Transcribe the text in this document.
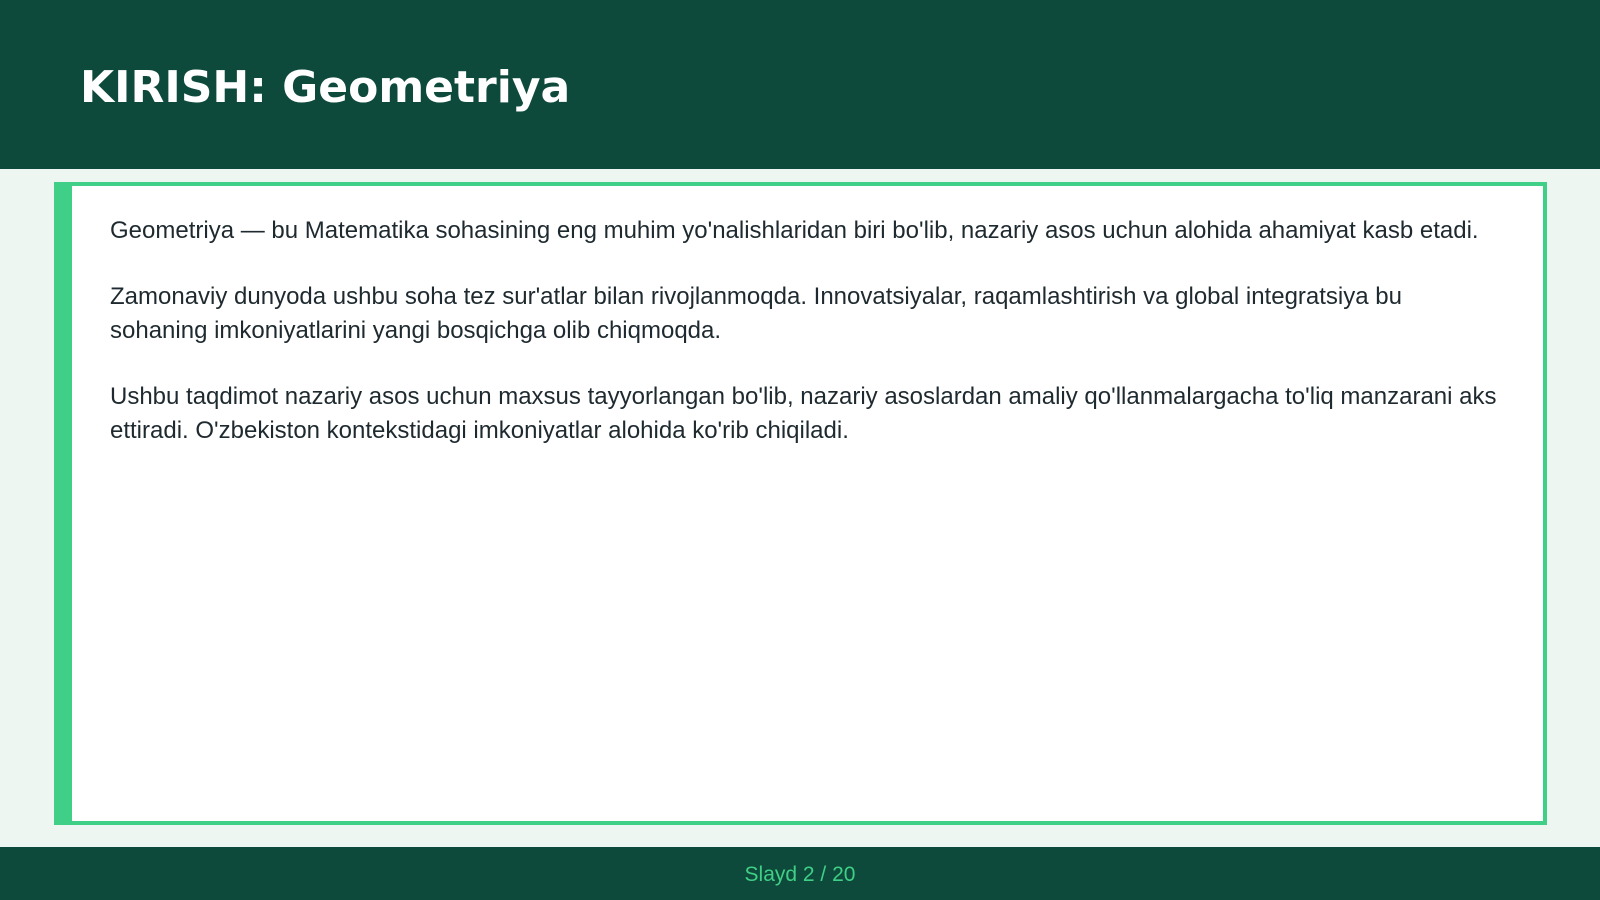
KIRISH: Geometriya

Geometriya — bu Matematika sohasining eng muhim yo'nalishlaridan biri bo'lib, nazariy asos uchun alohida ahamiyat kasb etadi.

Zamonaviy dunyoda ushbu soha tez sur'atlar bilan rivojlanmoqda. Innovatsiyalar, raqamlashtirish va global integratsiya bu sohaning imkoniyatlarini yangi bosqichga olib chiqmoqda.

Ushbu taqdimot nazariy asos uchun maxsus tayyorlangan bo'lib, nazariy asoslardan amaliy qo'llanmalargacha to'liq manzarani aks ettiradi. O'zbekiston kontekstidagi imkoniyatlar alohida ko'rib chiqiladi.

Slayd 2 / 20
